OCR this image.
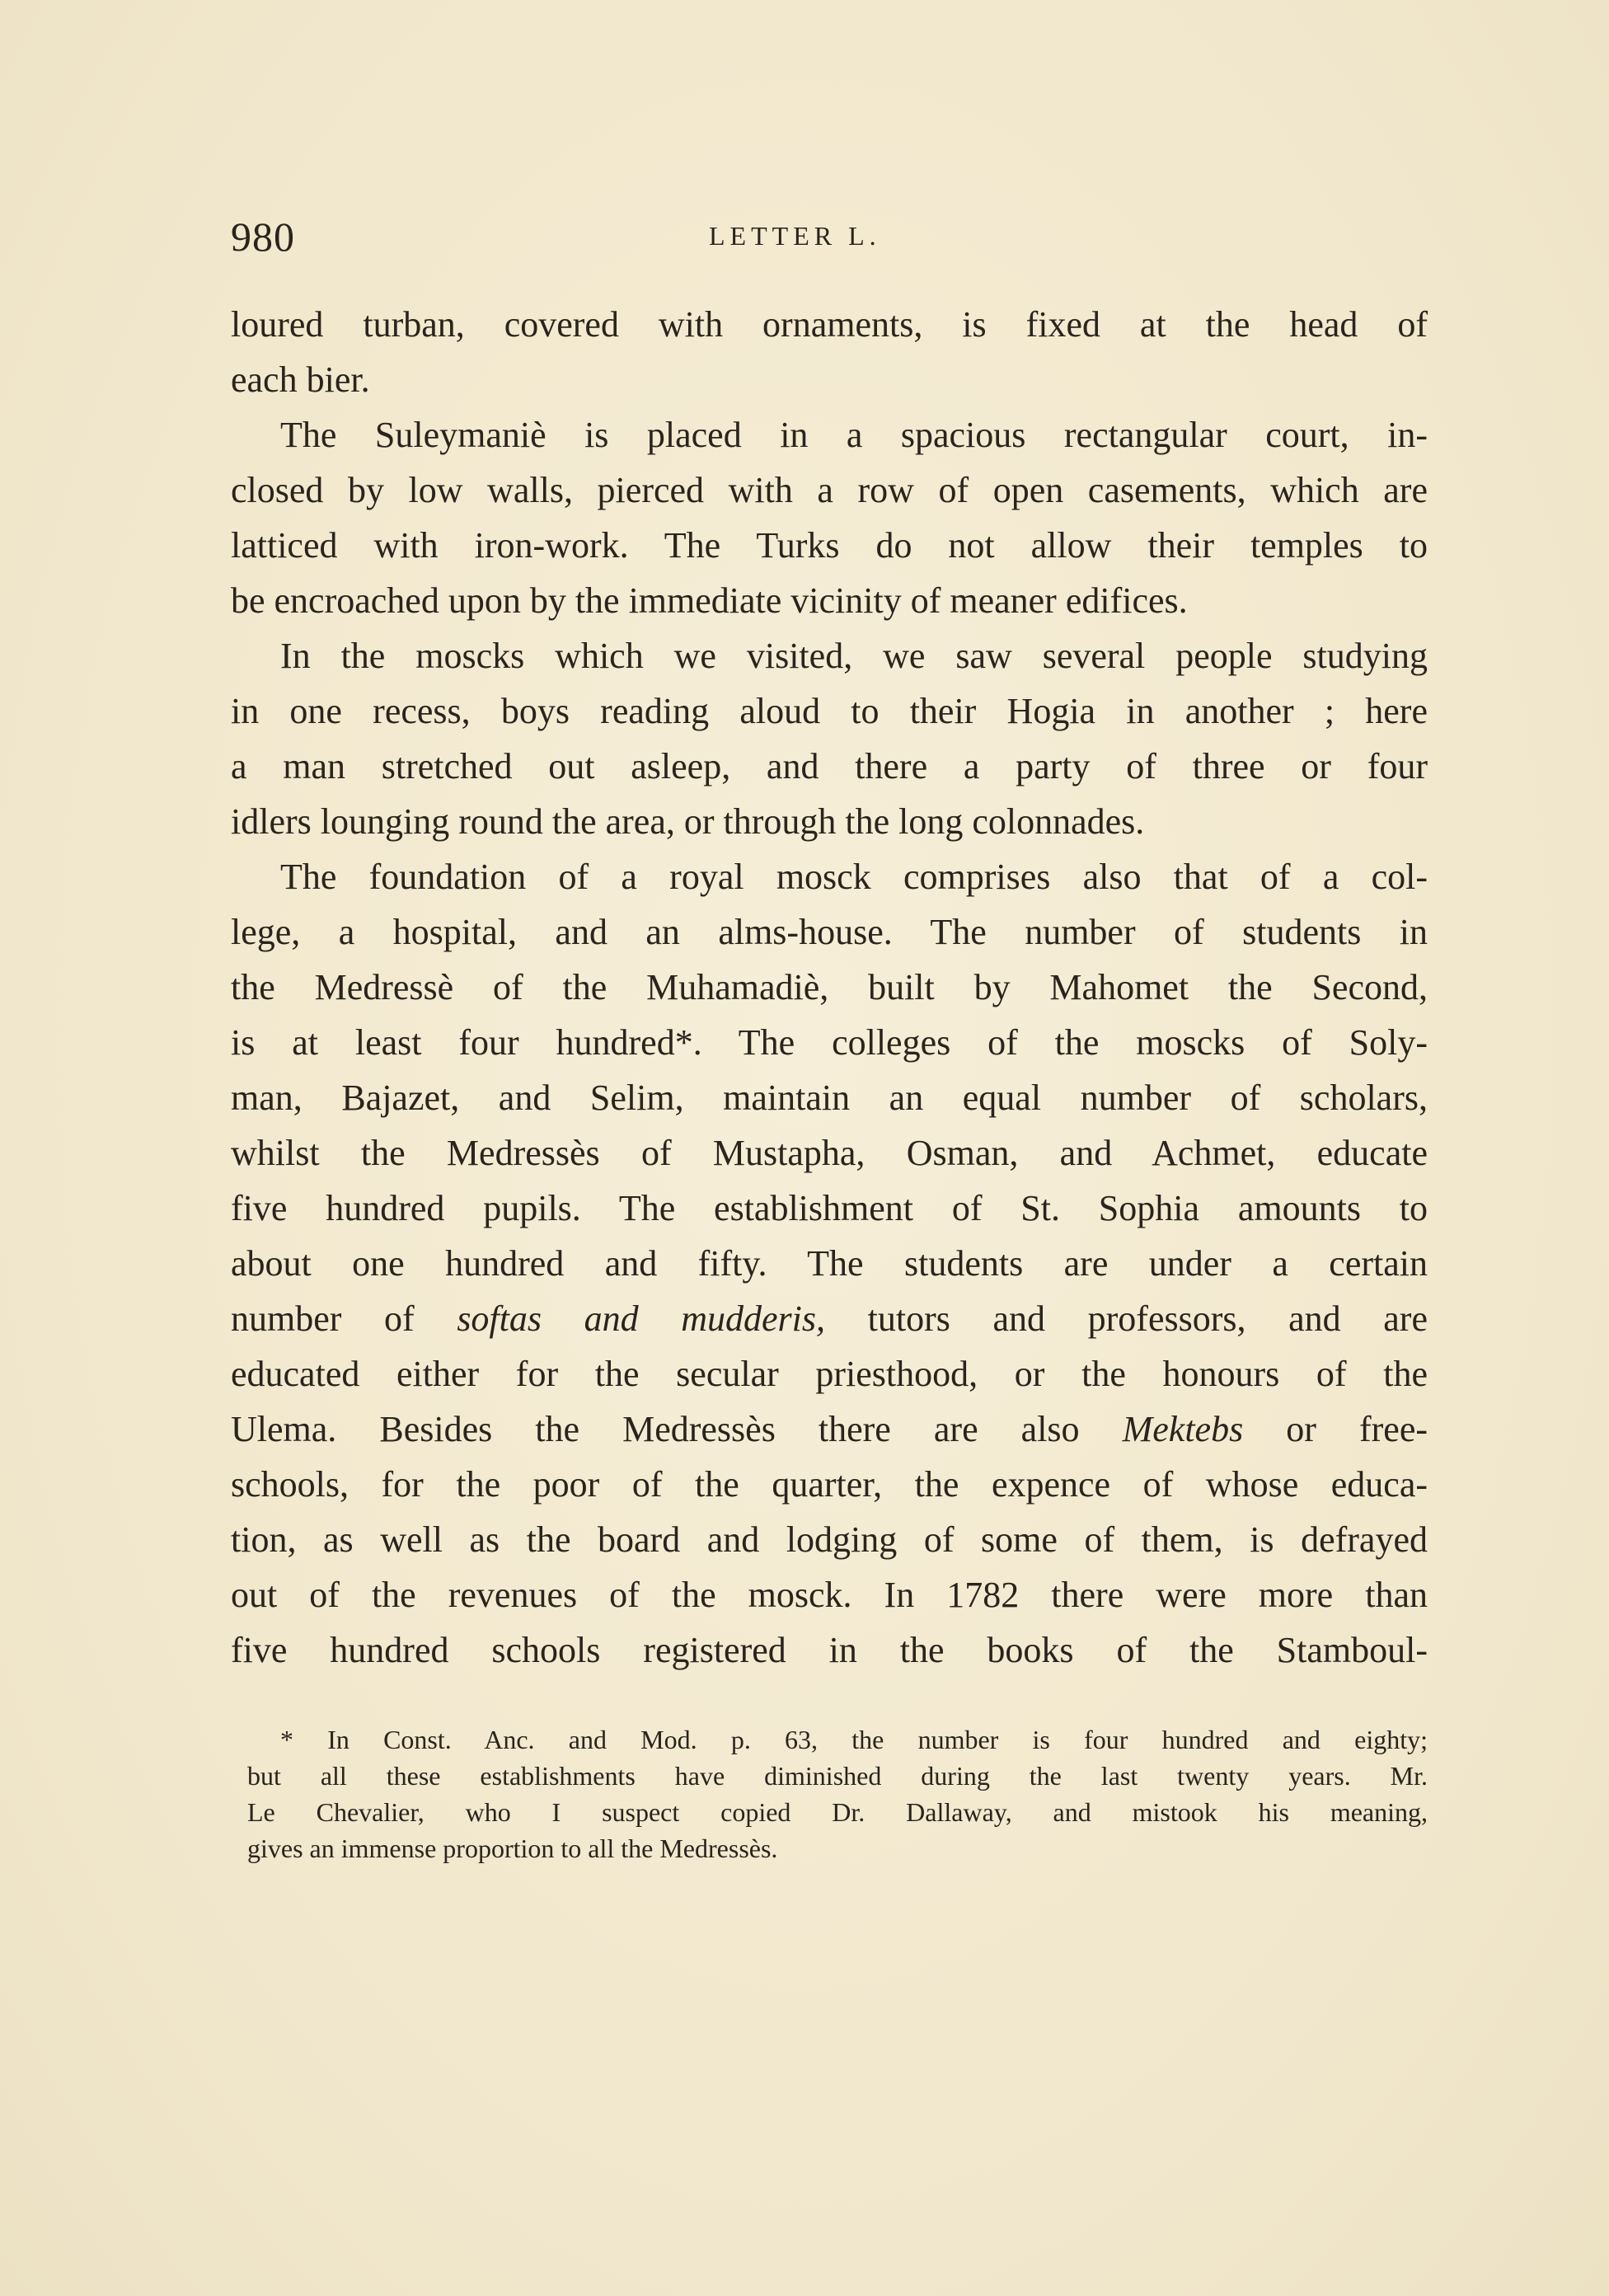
980	LETTER L.
loured turban, covered with ornaments, is fixed at the head of
each bier.
The Suleymaniè is placed in a spacious rectangular court, in-
closed by low walls, pierced with a row of open casements, which are
latticed with iron-work. The Turks do not allow their temples to
be encroached upon by the immediate vicinity of meaner edifices.
In the moscks which we visited, we saw several people studying
in one recess, boys reading aloud to their Hogia in another ; here
a man stretched out asleep, and there a party of three or four
idlers lounging round the area, or through the long colonnades.
The foundation of a royal mosck comprises also that of a col-
lege, a hospital, and an alms-house. The number of students in
the Medressè of the Muhamadiè, built by Mahomet the Second,
is at least four hundred*. The colleges of the moscks of Soly-
man, Bajazet, and Selim, maintain an equal number of scholars,
whilst the Medressès of Mustapha, Osman, and Achmet, educate
five hundred pupils. The establishment of St. Sophia amounts to
about one hundred and fifty. The students are under a certain
number of softas and mudderis, tutors and professors, and are
educated either for the secular priesthood, or the honours of the
Ulema. Besides the Medressès there are also Mektebs or free-
schools, for the poor of the quarter, the expence of whose educa-
tion, as well as the board and lodging of some of them, is defrayed
out of the revenues of the mosck. In 1782 there were more than
five hundred schools registered in the books of the Stamboul-
* In Const. Anc. and Mod. p. 63, the number is four hundred and eighty;
but all these establishments have diminished during the last twenty years. Mr.
Le Chevalier, who I suspect copied Dr. Dallaway, and mistook his meaning,
gives an immense proportion to all the Medressès.
